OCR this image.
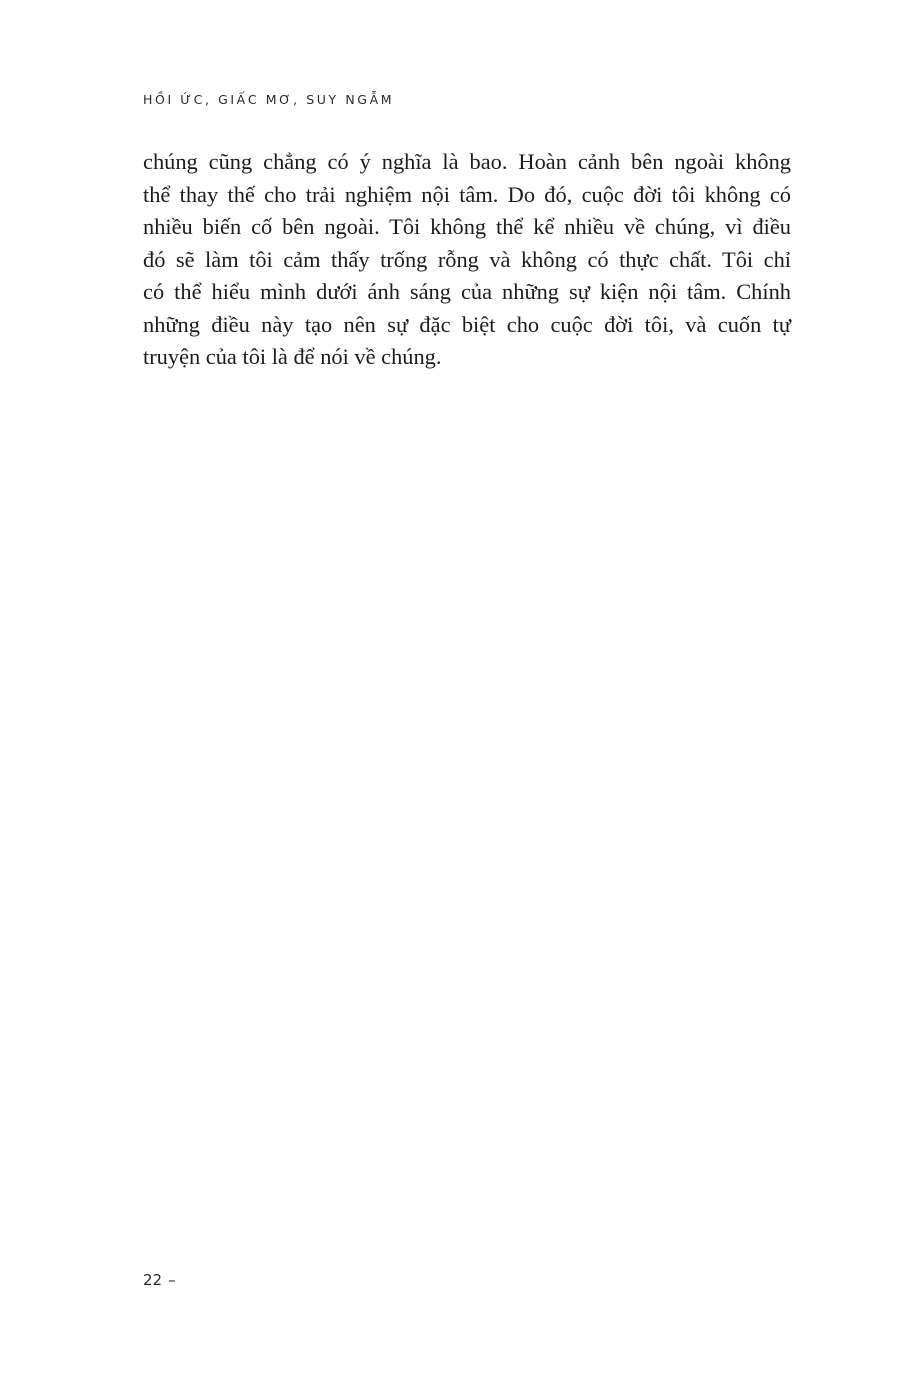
HỒI ỨC, GIẤC MƠ, SUY NGẪM
chúng cũng chẳng có ý nghĩa là bao. Hoàn cảnh bên ngoài không
thể thay thế cho trải nghiệm nội tâm. Do đó, cuộc đời tôi không có
nhiều biến cố bên ngoài. Tôi không thể kể nhiều về chúng, vì điều
đó sẽ làm tôi cảm thấy trống rỗng và không có thực chất. Tôi chỉ
có thể hiểu mình dưới ánh sáng của những sự kiện nội tâm. Chính
những điều này tạo nên sự đặc biệt cho cuộc đời tôi, và cuốn tự
truyện của tôi là để nói về chúng.
22 –
